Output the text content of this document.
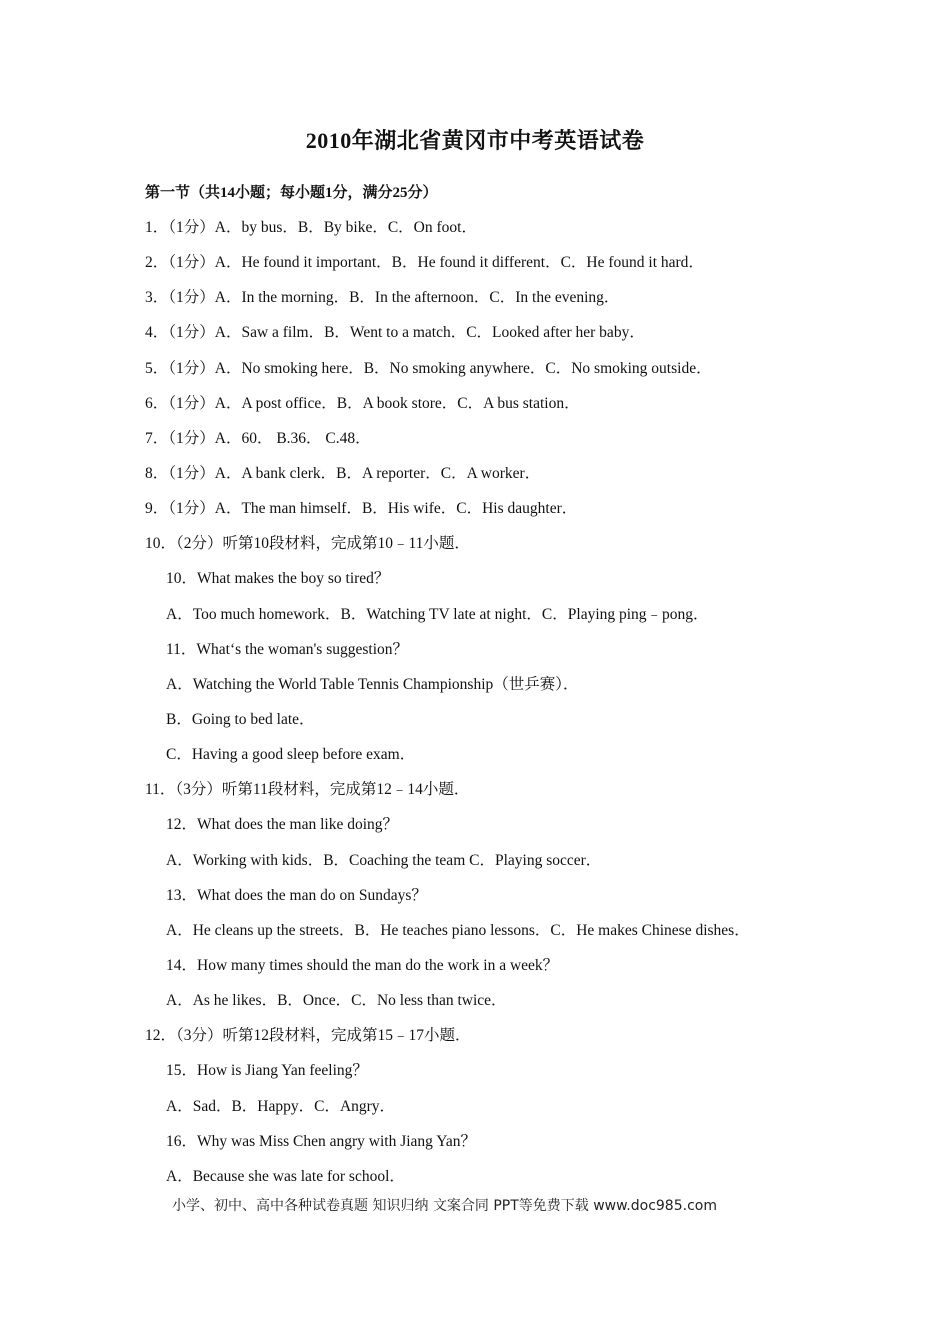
2010年湖北省黄冈市中考英语试卷
第一节（共14小题；每小题1分，满分25分）
1．（1分）A．by bus．B．By bike．C．On foot．
2．（1分）A．He found it important．B．He found it different．C．He found it hard．
3．（1分）A．In the morning．B．In the afternoon．C．In the evening．
4．（1分）A．Saw a film．B．Went to a match．C．Looked after her baby．
5．（1分）A．No smoking here．B．No smoking anywhere．C．No smoking outside．
6．（1分）A．A post office．B．A book store．C．A bus station．
7．（1分）A．60． B.36． C.48．
8．（1分）A．A bank clerk．B．A reporter．C．A worker．
9．（1分）A．The man himself．B．His wife．C．His daughter．
10．（2分）听第10段材料，完成第10﹣11小题．
10．What makes the boy so tired？
A．Too much homework．B．Watching TV late at night．C．Playing ping﹣pong．
11．What‘s the woman's suggestion？
A．Watching the World Table Tennis Championship（世乒赛）．
B．Going to bed late．
C．Having a good sleep before exam．
11．（3分）听第11段材料，完成第12﹣14小题．
12．What does the man like doing？
A．Working with kids．B．Coaching the team C．Playing soccer．
13．What does the man do on Sundays？
A．He cleans up the streets．B．He teaches piano lessons．C．He makes Chinese dishes．
14．How many times should the man do the work in a week？
A．As he likes．B．Once．C．No less than twice．
12．（3分）听第12段材料，完成第15﹣17小题．
15．How is Jiang Yan feeling？
A．Sad．B．Happy．C．Angry．
16．Why was Miss Chen angry with Jiang Yan？
A．Because she was late for school．
小学、初中、高中各种试卷真题 知识归纳 文案合同 PPT等免费下载 www.doc985.com
